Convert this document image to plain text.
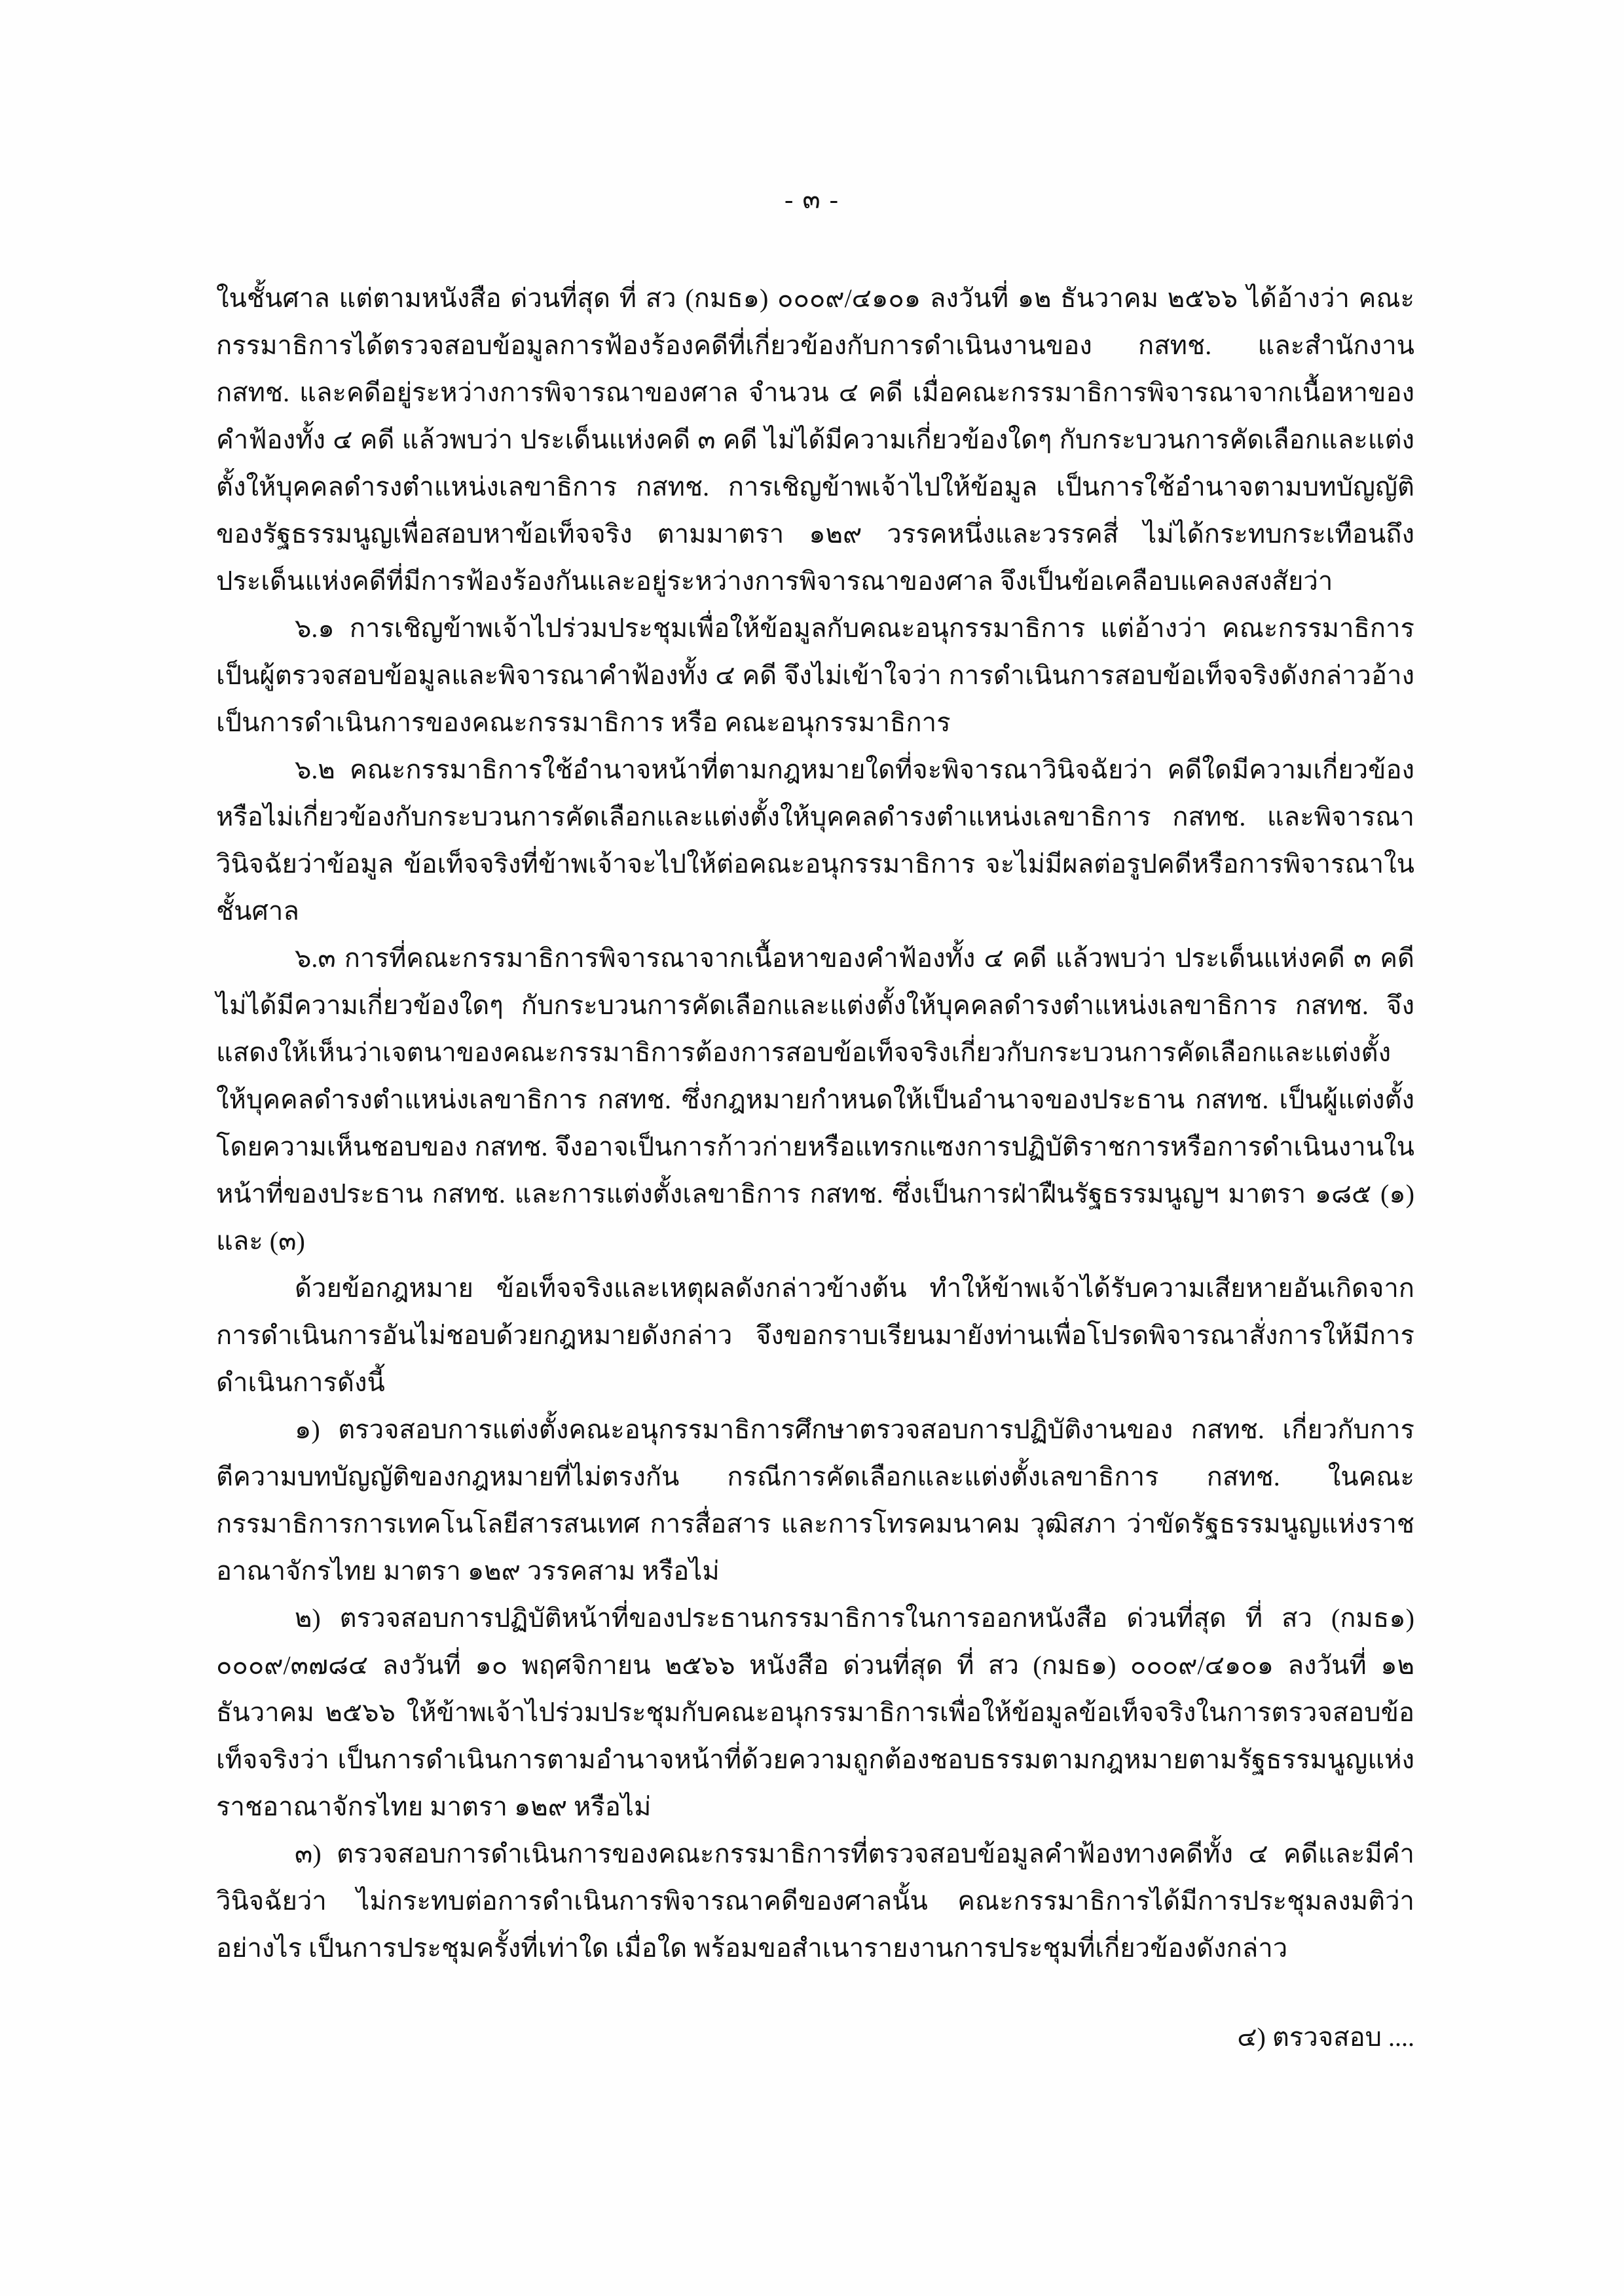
- ๓ -

ในชั้นศาล แต่ตามหนังสือ ด่วนที่สุด ที่ สว (กมธ๑) ๐๐๐๙/๔๑๐๑ ลงวันที่ ๑๒ ธันวาคม ๒๕๖๖ ได้อ้างว่า คณะกรรมาธิการได้ตรวจสอบข้อมูลการฟ้องร้องคดีที่เกี่ยวข้องกับการดำเนินงานของ กสทช. และสำนักงาน กสทช. และคดีอยู่ระหว่างการพิจารณาของศาล จำนวน ๔ คดี เมื่อคณะกรรมาธิการพิจารณาจากเนื้อหาของคำฟ้องทั้ง ๔ คดี แล้วพบว่า ประเด็นแห่งคดี ๓ คดี ไม่ได้มีความเกี่ยวข้องใดๆ กับกระบวนการคัดเลือกและแต่งตั้งให้บุคคลดำรงตำแหน่งเลขาธิการ กสทช. การเชิญข้าพเจ้าไปให้ข้อมูล เป็นการใช้อำนาจตามบทบัญญัติของรัฐธรรมนูญเพื่อสอบหาข้อเท็จจริง ตามมาตรา ๑๒๙ วรรคหนึ่งและวรรคสี่ ไม่ได้กระทบกระเทือนถึงประเด็นแห่งคดีที่มีการฟ้องร้องกันและอยู่ระหว่างการพิจารณาของศาล จึงเป็นข้อเคลือบแคลงสงสัยว่า

๖.๑ การเชิญข้าพเจ้าไปร่วมประชุมเพื่อให้ข้อมูลกับคณะอนุกรรมาธิการ แต่อ้างว่า คณะกรรมาธิการเป็นผู้ตรวจสอบข้อมูลและพิจารณาคำฟ้องทั้ง ๔ คดี จึงไม่เข้าใจว่า การดำเนินการสอบข้อเท็จจริงดังกล่าวอ้าง เป็นการดำเนินการของคณะกรรมาธิการ หรือ คณะอนุกรรมาธิการ

๖.๒ คณะกรรมาธิการใช้อำนาจหน้าที่ตามกฎหมายใดที่จะพิจารณาวินิจฉัยว่า คดีใดมีความเกี่ยวข้องหรือไม่เกี่ยวข้องกับกระบวนการคัดเลือกและแต่งตั้งให้บุคคลดำรงตำแหน่งเลขาธิการ กสทช. และพิจารณาวินิจฉัยว่าข้อมูล ข้อเท็จจริงที่ข้าพเจ้าจะไปให้ต่อคณะอนุกรรมาธิการ จะไม่มีผลต่อรูปคดีหรือการพิจารณาในชั้นศาล

๖.๓ การที่คณะกรรมาธิการพิจารณาจากเนื้อหาของคำฟ้องทั้ง ๔ คดี แล้วพบว่า ประเด็นแห่งคดี ๓ คดี ไม่ได้มีความเกี่ยวข้องใดๆ กับกระบวนการคัดเลือกและแต่งตั้งให้บุคคลดำรงตำแหน่งเลขาธิการ กสทช. จึงแสดงให้เห็นว่าเจตนาของคณะกรรมาธิการต้องการสอบข้อเท็จจริงเกี่ยวกับกระบวนการคัดเลือกและแต่งตั้งให้บุคคลดำรงตำแหน่งเลขาธิการ กสทช. ซึ่งกฎหมายกำหนดให้เป็นอำนาจของประธาน กสทช. เป็นผู้แต่งตั้งโดยความเห็นชอบของ กสทช. จึงอาจเป็นการก้าวก่ายหรือแทรกแซงการปฏิบัติราชการหรือการดำเนินงานในหน้าที่ของประธาน กสทช. และการแต่งตั้งเลขาธิการ กสทช. ซึ่งเป็นการฝ่าฝืนรัฐธรรมนูญฯ มาตรา ๑๘๕ (๑) และ (๓)

ด้วยข้อกฎหมาย ข้อเท็จจริงและเหตุผลดังกล่าวข้างต้น ทำให้ข้าพเจ้าได้รับความเสียหายอันเกิดจากการดำเนินการอันไม่ชอบด้วยกฎหมายดังกล่าว จึงขอกราบเรียนมายังท่านเพื่อโปรดพิจารณาสั่งการให้มีการดำเนินการดังนี้

๑) ตรวจสอบการแต่งตั้งคณะอนุกรรมาธิการศึกษาตรวจสอบการปฏิบัติงานของ กสทช. เกี่ยวกับการตีความบทบัญญัติของกฎหมายที่ไม่ตรงกัน กรณีการคัดเลือกและแต่งตั้งเลขาธิการ กสทช. ในคณะกรรมาธิการการเทคโนโลยีสารสนเทศ การสื่อสาร และการโทรคมนาคม วุฒิสภา ว่าขัดรัฐธรรมนูญแห่งราชอาณาจักรไทย มาตรา ๑๒๙ วรรคสาม หรือไม่

๒) ตรวจสอบการปฏิบัติหน้าที่ของประธานกรรมาธิการในการออกหนังสือ ด่วนที่สุด ที่ สว (กมธ๑) ๐๐๐๙/๓๗๘๔ ลงวันที่ ๑๐ พฤศจิกายน ๒๕๖๖ หนังสือ ด่วนที่สุด ที่ สว (กมธ๑) ๐๐๐๙/๔๑๐๑ ลงวันที่ ๑๒ ธันวาคม ๒๕๖๖ ให้ข้าพเจ้าไปร่วมประชุมกับคณะอนุกรรมาธิการเพื่อให้ข้อมูลข้อเท็จจริงในการตรวจสอบข้อเท็จจริงว่า เป็นการดำเนินการตามอำนาจหน้าที่ด้วยความถูกต้องชอบธรรมตามกฎหมายตามรัฐธรรมนูญแห่งราชอาณาจักรไทย มาตรา ๑๒๙ หรือไม่

๓) ตรวจสอบการดำเนินการของคณะกรรมาธิการที่ตรวจสอบข้อมูลคำฟ้องทางคดีทั้ง ๔ คดีและมีคำวินิจฉัยว่า ไม่กระทบต่อการดำเนินการพิจารณาคดีของศาลนั้น คณะกรรมาธิการได้มีการประชุมลงมติว่าอย่างไร เป็นการประชุมครั้งที่เท่าใด เมื่อใด พร้อมขอสำเนารายงานการประชุมที่เกี่ยวข้องดังกล่าว

๔) ตรวจสอบ ....
